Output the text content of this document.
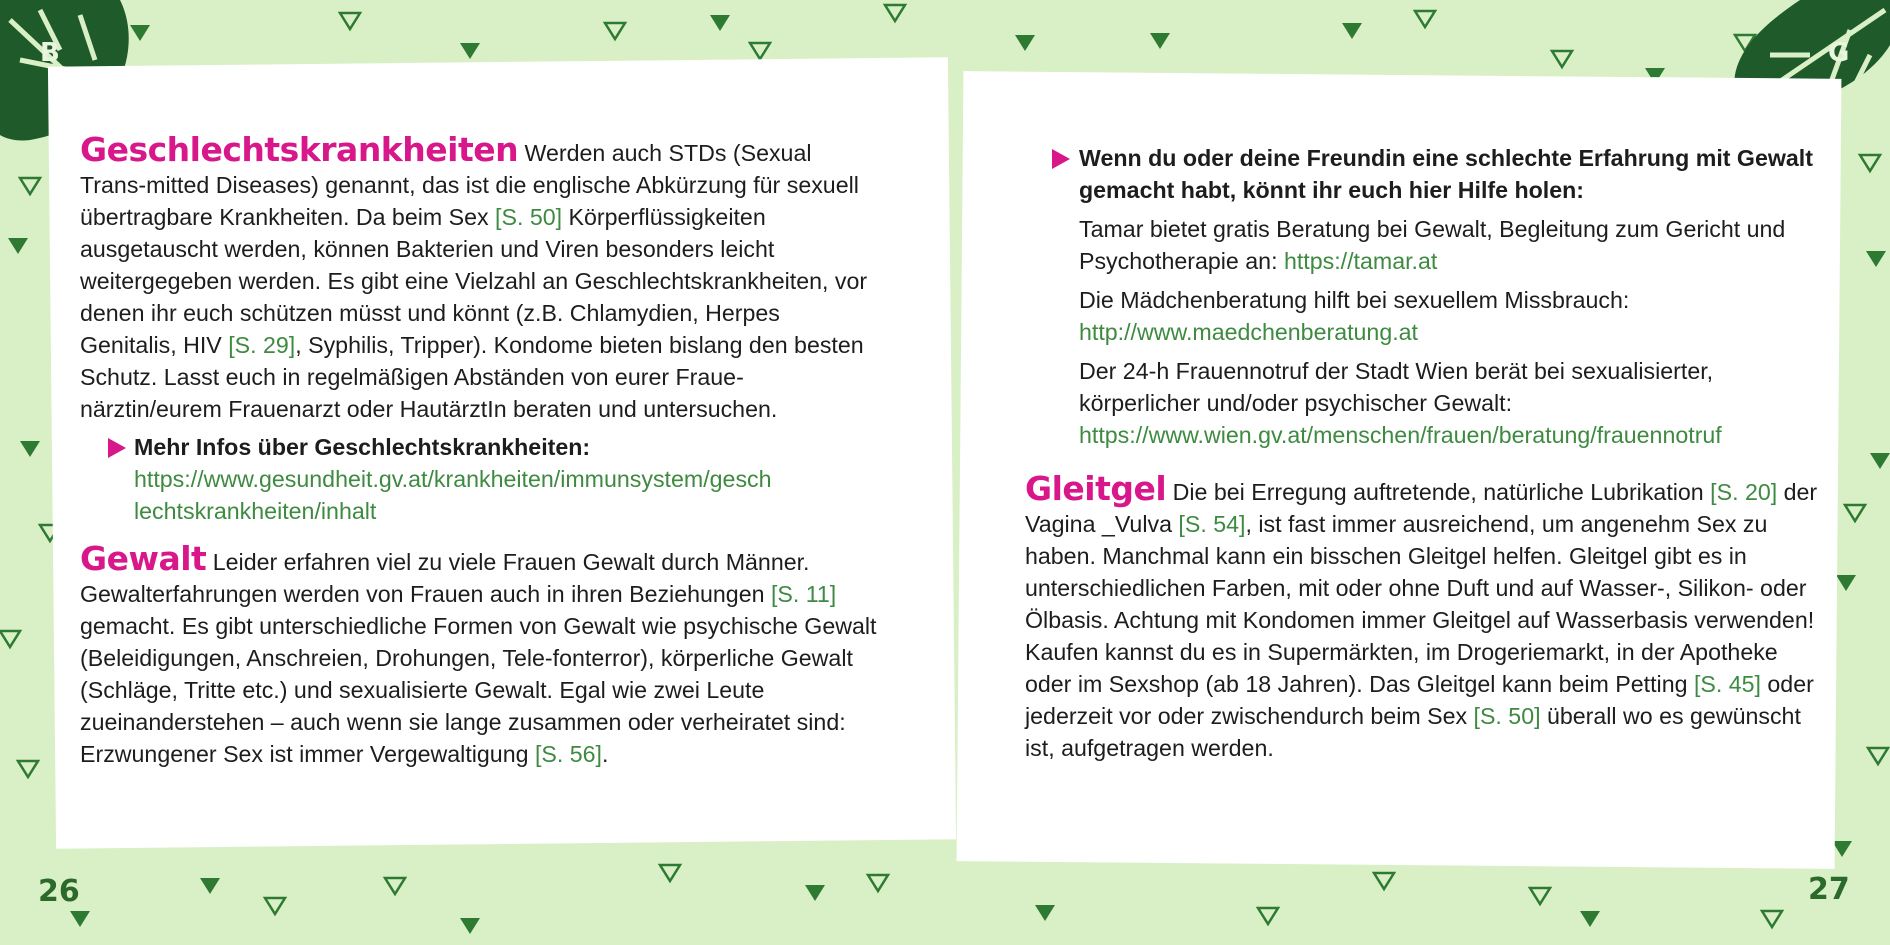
B	G
26	27

Geschlechtskrankheiten Werden auch STDs (Sexual Trans-mitted Diseases) genannt, das ist die englische Abkürzung für sexuell übertragbare Krankheiten. Da beim Sex [S. 50] Körperflüssigkeiten ausgetauscht werden, können Bakterien und Viren besonders leicht weitergegeben werden. Es gibt eine Vielzahl an Geschlechtskrankheiten, vor denen ihr euch schützen müsst und könnt (z.B. Chlamydien, Herpes Genitalis, HIV [S. 29], Syphilis, Tripper). Kondome bieten bislang den besten Schutz. Lasst euch in regelmäßigen Abständen von eurer Fraue-närztin/eurem Frauenarzt oder HautärztIn beraten und untersuchen.

Mehr Infos über Geschlechtskrankheiten:
https://www.gesundheit.gv.at/krankheiten/immunsystem/geschlechtskrankheiten/inhalt

Gewalt Leider erfahren viel zu viele Frauen Gewalt durch Männer. Gewalterfahrungen werden von Frauen auch in ihren Beziehungen [S. 11] gemacht. Es gibt unterschiedliche Formen von Gewalt wie psychische Gewalt (Beleidigungen, Anschreien, Drohungen, Tele-fonterror), körperliche Gewalt (Schläge, Tritte etc.) und sexualisierte Gewalt. Egal wie zwei Leute zueinanderstehen – auch wenn sie lange zusammen oder verheiratet sind: Erzwungener Sex ist immer Vergewaltigung [S. 56].

Wenn du oder deine Freundin eine schlechte Erfahrung mit Gewalt gemacht habt, könnt ihr euch hier Hilfe holen:

Tamar bietet gratis Beratung bei Gewalt, Begleitung zum Gericht und Psychotherapie an: https://tamar.at

Die Mädchenberatung hilft bei sexuellem Missbrauch:
http://www.maedchenberatung.at

Der 24-h Frauennotruf der Stadt Wien berät bei sexualisierter, körperlicher und/oder psychischer Gewalt:
https://www.wien.gv.at/menschen/frauen/beratung/frauennotruf

Gleitgel Die bei Erregung auftretende, natürliche Lubrikation [S. 20] der Vagina _Vulva [S. 54], ist fast immer ausreichend, um angenehm Sex zu haben. Manchmal kann ein bisschen Gleitgel helfen. Gleitgel gibt es in unterschiedlichen Farben, mit oder ohne Duft und auf Wasser-, Silikon- oder Ölbasis. Achtung mit Kondomen immer Gleitgel auf Wasserbasis verwenden! Kaufen kannst du es in Supermärkten, im Drogeriemarkt, in der Apotheke oder im Sexshop (ab 18 Jahren). Das Gleitgel kann beim Petting [S. 45] oder jederzeit vor oder zwischendurch beim Sex [S. 50] überall wo es gewünscht ist, aufgetragen werden.
